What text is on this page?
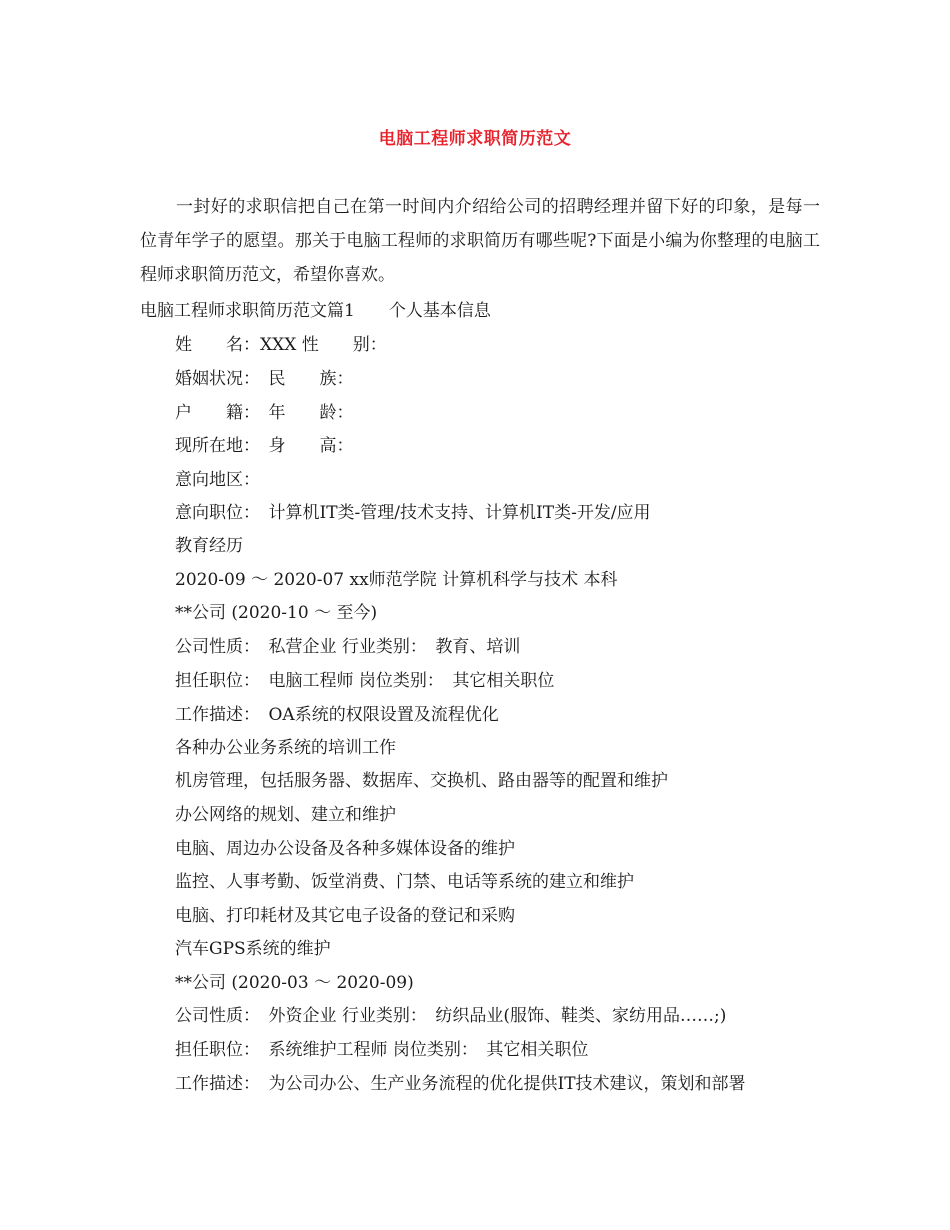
电脑工程师求职简历范文

一封好的求职信把自己在第一时间内介绍给公司的招聘经理并留下好的印象，是每一位青年学子的愿望。那关于电脑工程师的求职简历有哪些呢?下面是小编为你整理的电脑工程师求职简历范文，希望你喜欢。

电脑工程师求职简历范文篇1　　个人基本信息
姓　　名：XXX 性　　别：
婚姻状况：　民　　族：
户　　籍：　年　　龄：
现所在地：　身　　高：
意向地区：
意向职位：　计算机IT类-管理/技术支持、计算机IT类-开发/应用
教育经历
2020-09 ～ 2020-07 xx师范学院 计算机科学与技术 本科
**公司 (2020-10 ～ 至今)
公司性质：　私营企业 行业类别：　教育、培训
担任职位：　电脑工程师 岗位类别：　其它相关职位
工作描述：　OA系统的权限设置及流程优化
各种办公业务系统的培训工作
机房管理，包括服务器、数据库、交换机、路由器等的配置和维护
办公网络的规划、建立和维护
电脑、周边办公设备及各种多媒体设备的维护
监控、人事考勤、饭堂消费、门禁、电话等系统的建立和维护
电脑、打印耗材及其它电子设备的登记和采购
汽车GPS系统的维护
**公司 (2020-03 ～ 2020-09)
公司性质：　外资企业 行业类别：　纺织品业(服饰、鞋类、家纺用品……;)
担任职位：　系统维护工程师 岗位类别：　其它相关职位
工作描述：　为公司办公、生产业务流程的优化提供IT技术建议，策划和部署
